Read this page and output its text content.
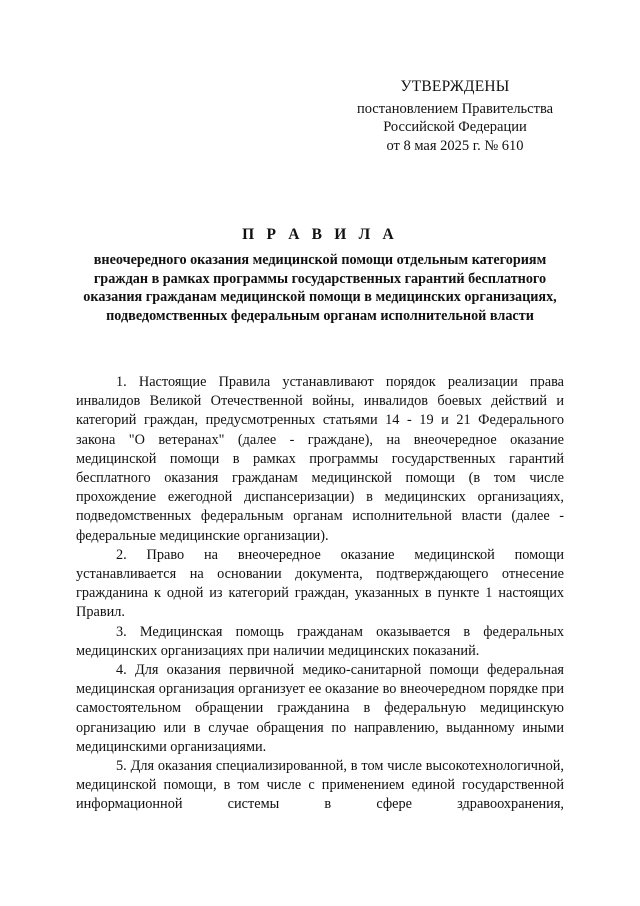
УТВЕРЖДЕНЫ
постановлением Правительства
Российской Федерации
от 8 мая 2025 г. № 610
П Р А В И Л А
внеочередного оказания медицинской помощи отдельным категориям граждан в рамках программы государственных гарантий бесплатного оказания гражданам медицинской помощи в медицинских организациях, подведомственных федеральным органам исполнительной власти

1. Настоящие Правила устанавливают порядок реализации права инвалидов Великой Отечественной войны, инвалидов боевых действий и категорий граждан, предусмотренных статьями 14 - 19 и 21 Федерального закона "О ветеранах" (далее - граждане), на внеочередное оказание медицинской помощи в рамках программы государственных гарантий бесплатного оказания гражданам медицинской помощи (в том числе прохождение ежегодной диспансеризации) в медицинских организациях, подведомственных федеральным органам исполнительной власти (далее - федеральные медицинские организации).

2. Право на внеочередное оказание медицинской помощи устанавливается на основании документа, подтверждающего отнесение гражданина к одной из категорий граждан, указанных в пункте 1 настоящих Правил.

3. Медицинская помощь гражданам оказывается в федеральных медицинских организациях при наличии медицинских показаний.

4. Для оказания первичной медико-санитарной помощи федеральная медицинская организация организует ее оказание во внеочередном порядке при самостоятельном обращении гражданина в федеральную медицинскую организацию или в случае обращения по направлению, выданному иными медицинскими организациями.

5. Для оказания специализированной, в том числе высокотехнологичной, медицинской помощи, в том числе с применением единой государственной информационной системы в сфере здравоохранения,
